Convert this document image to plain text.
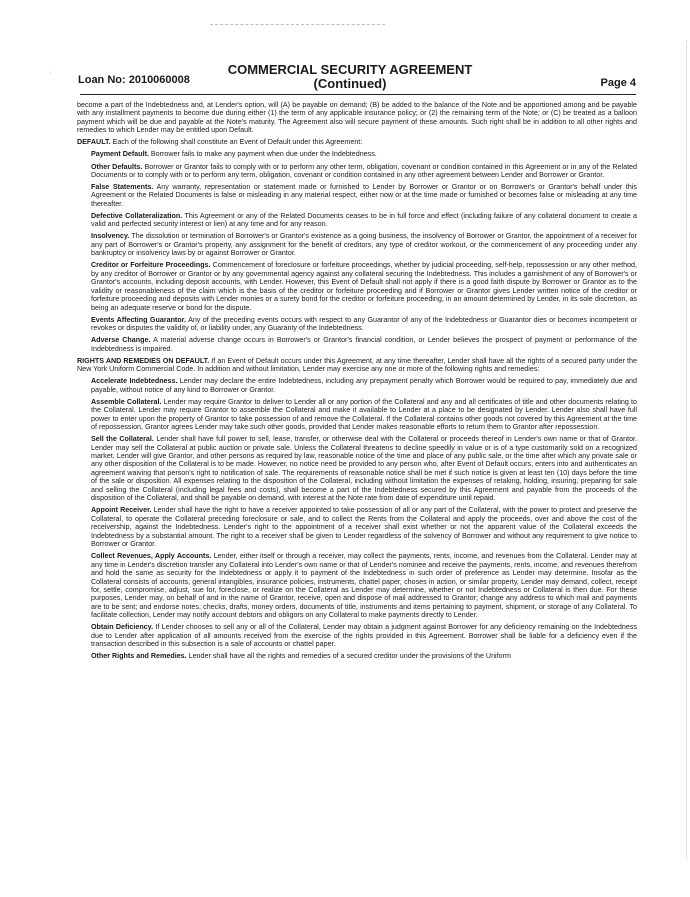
' Loan No: 2010060008
COMMERCIAL SECURITY AGREEMENT
(Continued)	Page 4

become a part of the Indebtedness and, at Lender's option, will (A) be payable on demand; (B) be added to the balance of the Note and be apportioned among and be payable with any installment payments to become due during either (1) the term of any applicable insurance policy; or (2) the remaining term of the Note; or (C) be treated as a balloon payment which will be due and payable at the Note's maturity. The Agreement also will secure payment of these amounts. Such right shall be in addition to all other rights and remedies to which Lender may be entitled upon Default.

DEFAULT. Each of the following shall constitute an Event of Default under this Agreement:

Payment Default. Borrower fails to make any payment when due under the Indebtedness.

Other Defaults. Borrower or Grantor fails to comply with or to perform any other term, obligation, covenant or condition contained in this Agreement or in any of the Related Documents or to comply with or to perform any term, obligation, covenant or condition contained in any other agreement between Lender and Borrower or Grantor.

False Statements. Any warranty, representation or statement made or furnished to Lender by Borrower or Grantor or on Borrower's or Grantor's behalf under this Agreement or the Related Documents is false or misleading in any material respect, either now or at the time made or furnished or becomes false or misleading at any time thereafter.

Defective Collateralization. This Agreement or any of the Related Documents ceases to be in full force and effect (including failure of any collateral document to create a valid and perfected security interest or lien) at any time and for any reason.

Insolvency. The dissolution or termination of Borrower's or Grantor's existence as a going business, the insolvency of Borrower or Grantor, the appointment of a receiver for any part of Borrower's or Grantor's property, any assignment for the benefit of creditors, any type of creditor workout, or the commencement of any proceeding under any bankruptcy or insolvency laws by or against Borrower or Grantor.

Creditor or Forfeiture Proceedings. Commencement of foreclosure or forfeiture proceedings, whether by judicial proceeding, self-help, repossession or any other method, by any creditor of Borrower or Grantor or by any governmental agency against any collateral securing the Indebtedness. This includes a garnishment of any of Borrower's or Grantor's accounts, including deposit accounts, with Lender. However, this Event of Default shall not apply if there is a good faith dispute by Borrower or Grantor as to the validity or reasonableness of the claim which is the basis of the creditor or forfeiture proceeding and if Borrower or Grantor gives Lender written notice of the creditor or forfeiture proceeding and deposits with Lender monies or a surety bond for the creditor or forfeiture proceeding, in an amount determined by Lender, in its sole discretion, as being an adequate reserve or bond for the dispute.

Events Affecting Guarantor. Any of the preceding events occurs with respect to any Guarantor of any of the Indebtedness or Guarantor dies or becomes incompetent or revokes or disputes the validity of, or liability under, any Guaranty of the Indebtedness.

Adverse Change. A material adverse change occurs in Borrower's or Grantor's financial condition, or Lender believes the prospect of payment or performance of the Indebtedness is impaired.

RIGHTS AND REMEDIES ON DEFAULT. If an Event of Default occurs under this Agreement, at any time thereafter, Lender shall have all the rights of a secured party under the New York Uniform Commercial Code. In addition and without limitation, Lender may exercise any one or more of the following rights and remedies:

Accelerate Indebtedness. Lender may declare the entire Indebtedness, including any prepayment penalty which Borrower would be required to pay, immediately due and payable, without notice of any kind to Borrower or Grantor.

Assemble Collateral. Lender may require Grantor to deliver to Lender all or any portion of the Collateral and any and all certificates of title and other documents relating to the Collateral. Lender may require Grantor to assemble the Collateral and make it available to Lender at a place to be designated by Lender. Lender also shall have full power to enter upon the property of Grantor to take possession of and remove the Collateral. If the Collateral contains other goods not covered by this Agreement at the time of repossession, Grantor agrees Lender may take such other goods, provided that Lender makes reasonable efforts to return them to Grantor after repossession.

Sell the Collateral. Lender shall have full power to sell, lease, transfer, or otherwise deal with the Collateral or proceeds thereof in Lender's own name or that of Grantor. Lender may sell the Collateral at public auction or private sale. Unless the Collateral threatens to decline speedily in value or is of a type customarily sold on a recognized market, Lender will give Grantor, and other persons as required by law, reasonable notice of the time and place of any public sale, or the time after which any private sale or any other disposition of the Collateral is to be made. However, no notice need be provided to any person who, after Event of Default occurs, enters into and authenticates an agreement waiving that person's right to notification of sale. The requirements of reasonable notice shall be met if such notice is given at least ten (10) days before the time of the sale or disposition. All expenses relating to the disposition of the Collateral, including without limitation the expenses of retaking, holding, insuring, preparing for sale and selling the Collateral (including legal fees and costs), shall become a part of the Indebtedness secured by this Agreement and payable from the proceeds of the disposition of the Collateral, and shall be payable on demand, with interest at the Note rate from date of expenditure until repaid.

Appoint Receiver. Lender shall have the right to have a receiver appointed to take possession of all or any part of the Collateral, with the power to protect and preserve the Collateral, to operate the Collateral preceding foreclosure or sale, and to collect the Rents from the Collateral and apply the proceeds, over and above the cost of the receivership, against the Indebtedness. Lender's right to the appointment of a receiver shall exist whether or not the apparent value of the Collateral exceeds the Indebtedness by a substantial amount. The right to a receiver shall be given to Lender regardless of the solvency of Borrower and without any requirement to give notice to Borrower or Grantor.

Collect Revenues, Apply Accounts. Lender, either itself or through a receiver, may collect the payments, rents, income, and revenues from the Collateral. Lender may at any time in Lender's discretion transfer any Collateral into Lender's own name or that of Lender's nominee and receive the payments, rents, income, and revenues therefrom and hold the same as security for the Indebtedness or apply it to payment of the Indebtedness in such order of preference as Lender may determine. Insofar as the Collateral consists of accounts, general intangibles, insurance policies, instruments, chattel paper, choses in action, or similar property, Lender may demand, collect, receipt for, settle, compromise, adjust, sue for, foreclose, or realize on the Collateral as Lender may determine, whether or not Indebtedness or Collateral is then due. For these purposes, Lender may, on behalf of and in the name of Grantor, receive, open and dispose of mail addressed to Grantor; change any address to which mail and payments are to be sent; and endorse notes, checks, drafts, money orders, documents of title, instruments and items pertaining to payment, shipment, or storage of any Collateral. To facilitate collection, Lender may notify account debtors and obligors on any Collateral to make payments directly to Lender.

Obtain Deficiency. If Lender chooses to sell any or all of the Collateral, Lender may obtain a judgment against Borrower for any deficiency remaining on the Indebtedness due to Lender after application of all amounts received from the exercise of the rights provided in this Agreement. Borrower shall be liable for a deficiency even if the transaction described in this subsection is a sale of accounts or chattel paper.

Other Rights and Remedies. Lender shall have all the rights and remedies of a secured creditor under the provisions of the Uniform
